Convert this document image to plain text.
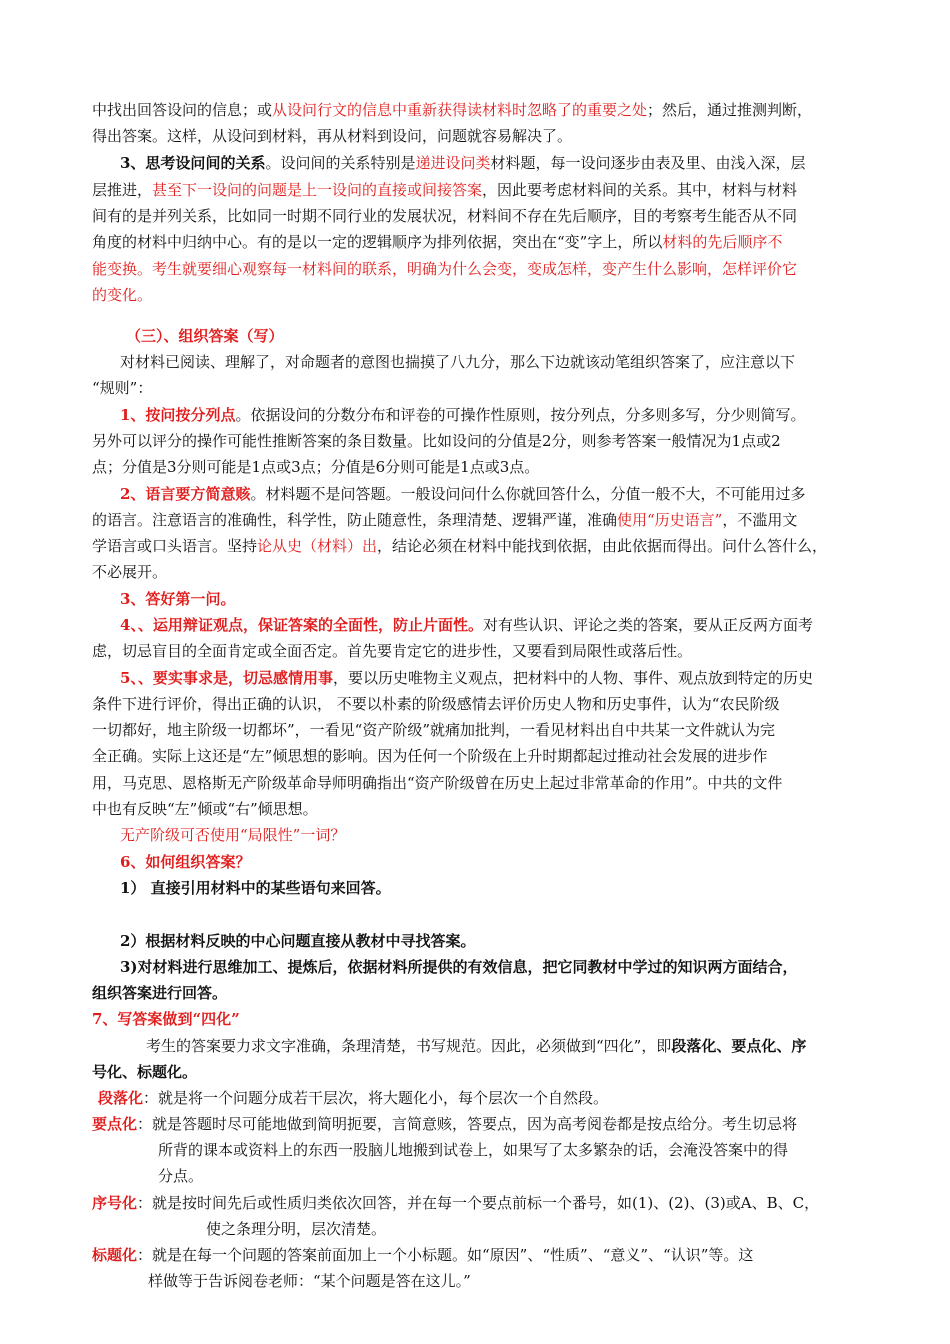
中找出回答设问的信息；或从设问行文的信息中重新获得读材料时忽略了的重要之处；然后，通过推测判断，
得出答案。这样，从设问到材料，再从材料到设问，问题就容易解决了。
3、思考设问间的关系。设问间的关系特别是递进设问类材料题，每一设问逐步由表及里、由浅入深，层
层推进，甚至下一设问的问题是上一设问的直接或间接答案，因此要考虑材料间的关系。其中，材料与材料
间有的是并列关系，比如同一时期不同行业的发展状况，材料间不存在先后顺序，目的考察考生能否从不同
角度的材料中归纳中心。有的是以一定的逻辑顺序为排列依据，突出在“变”字上，所以材料的先后顺序不
能变换。考生就要细心观察每一材料间的联系，明确为什么会变，变成怎样，变产生什么影响，怎样评价它
的变化。
（三）、组织答案（写）
对材料已阅读、理解了，对命题者的意图也揣摸了八九分，那么下边就该动笔组织答案了，应注意以下
“规则”：
1、按问按分列点。依据设问的分数分布和评卷的可操作性原则，按分列点，分多则多写，分少则简写。
另外可以评分的操作可能性推断答案的条目数量。比如设问的分值是2分，则参考答案一般情况为1点或2
点；分值是3分则可能是1点或3点；分值是6分则可能是1点或3点。
2、语言要方简意赅。材料题不是问答题。一般设问问什么你就回答什么，分值一般不大，不可能用过多
的语言。注意语言的准确性，科学性，防止随意性，条理清楚、逻辑严谨，准确使用“历史语言”，不滥用文
学语言或口头语言。坚持论从史（材料）出，结论必须在材料中能找到依据，由此依据而得出。问什么答什么，
不必展开。
3、答好第一问。
4、、运用辩证观点，保证答案的全面性，防止片面性。对有些认识、评论之类的答案，要从正反两方面考
虑，切忌盲目的全面肯定或全面否定。首先要肯定它的进步性，又要看到局限性或落后性。
5、、要实事求是，切忌感情用事，要以历史唯物主义观点，把材料中的人物、事件、观点放到特定的历史
条件下进行评价，得出正确的认识， 不要以朴素的阶级感情去评价历史人物和历史事件，认为“农民阶级
一切都好，地主阶级一切都坏”，一看见“资产阶级”就痛加批判，一看见材料出自中共某一文件就认为完
全正确。实际上这还是“左”倾思想的影响。因为任何一个阶级在上升时期都起过推动社会发展的进步作
用，马克思、恩格斯无产阶级革命导师明确指出“资产阶级曾在历史上起过非常革命的作用”。中共的文件
中也有反映“左”倾或“右”倾思想。
无产阶级可否使用“局限性”一词？
6、如何组织答案？
1） 直接引用材料中的某些语句来回答。
2）根据材料反映的中心问题直接从教材中寻找答案。
3)对材料进行思维加工、提炼后，依据材料所提供的有效信息，把它同教材中学过的知识两方面结合，
组织答案进行回答。
7、写答案做到“四化”
考生的答案要力求文字准确，条理清楚，书写规范。因此，必须做到“四化”，即段落化、要点化、序
号化、标题化。
段落化：就是将一个问题分成若干层次，将大题化小，每个层次一个自然段。
要点化：就是答题时尽可能地做到简明扼要，言简意赅，答要点，因为高考阅卷都是按点给分。考生切忌将
所背的课本或资料上的东西一股脑儿地搬到试卷上，如果写了太多繁杂的话，会淹没答案中的得
分点。
序号化：就是按时间先后或性质归类依次回答，并在每一个要点前标一个番号，如(1)、(2)、(3)或A、B、C，
使之条理分明，层次清楚。
标题化：就是在每一个问题的答案前面加上一个小标题。如“原因”、“性质”、“意义”、“认识”等。这
样做等于告诉阅卷老师：“某个问题是答在这儿。”
